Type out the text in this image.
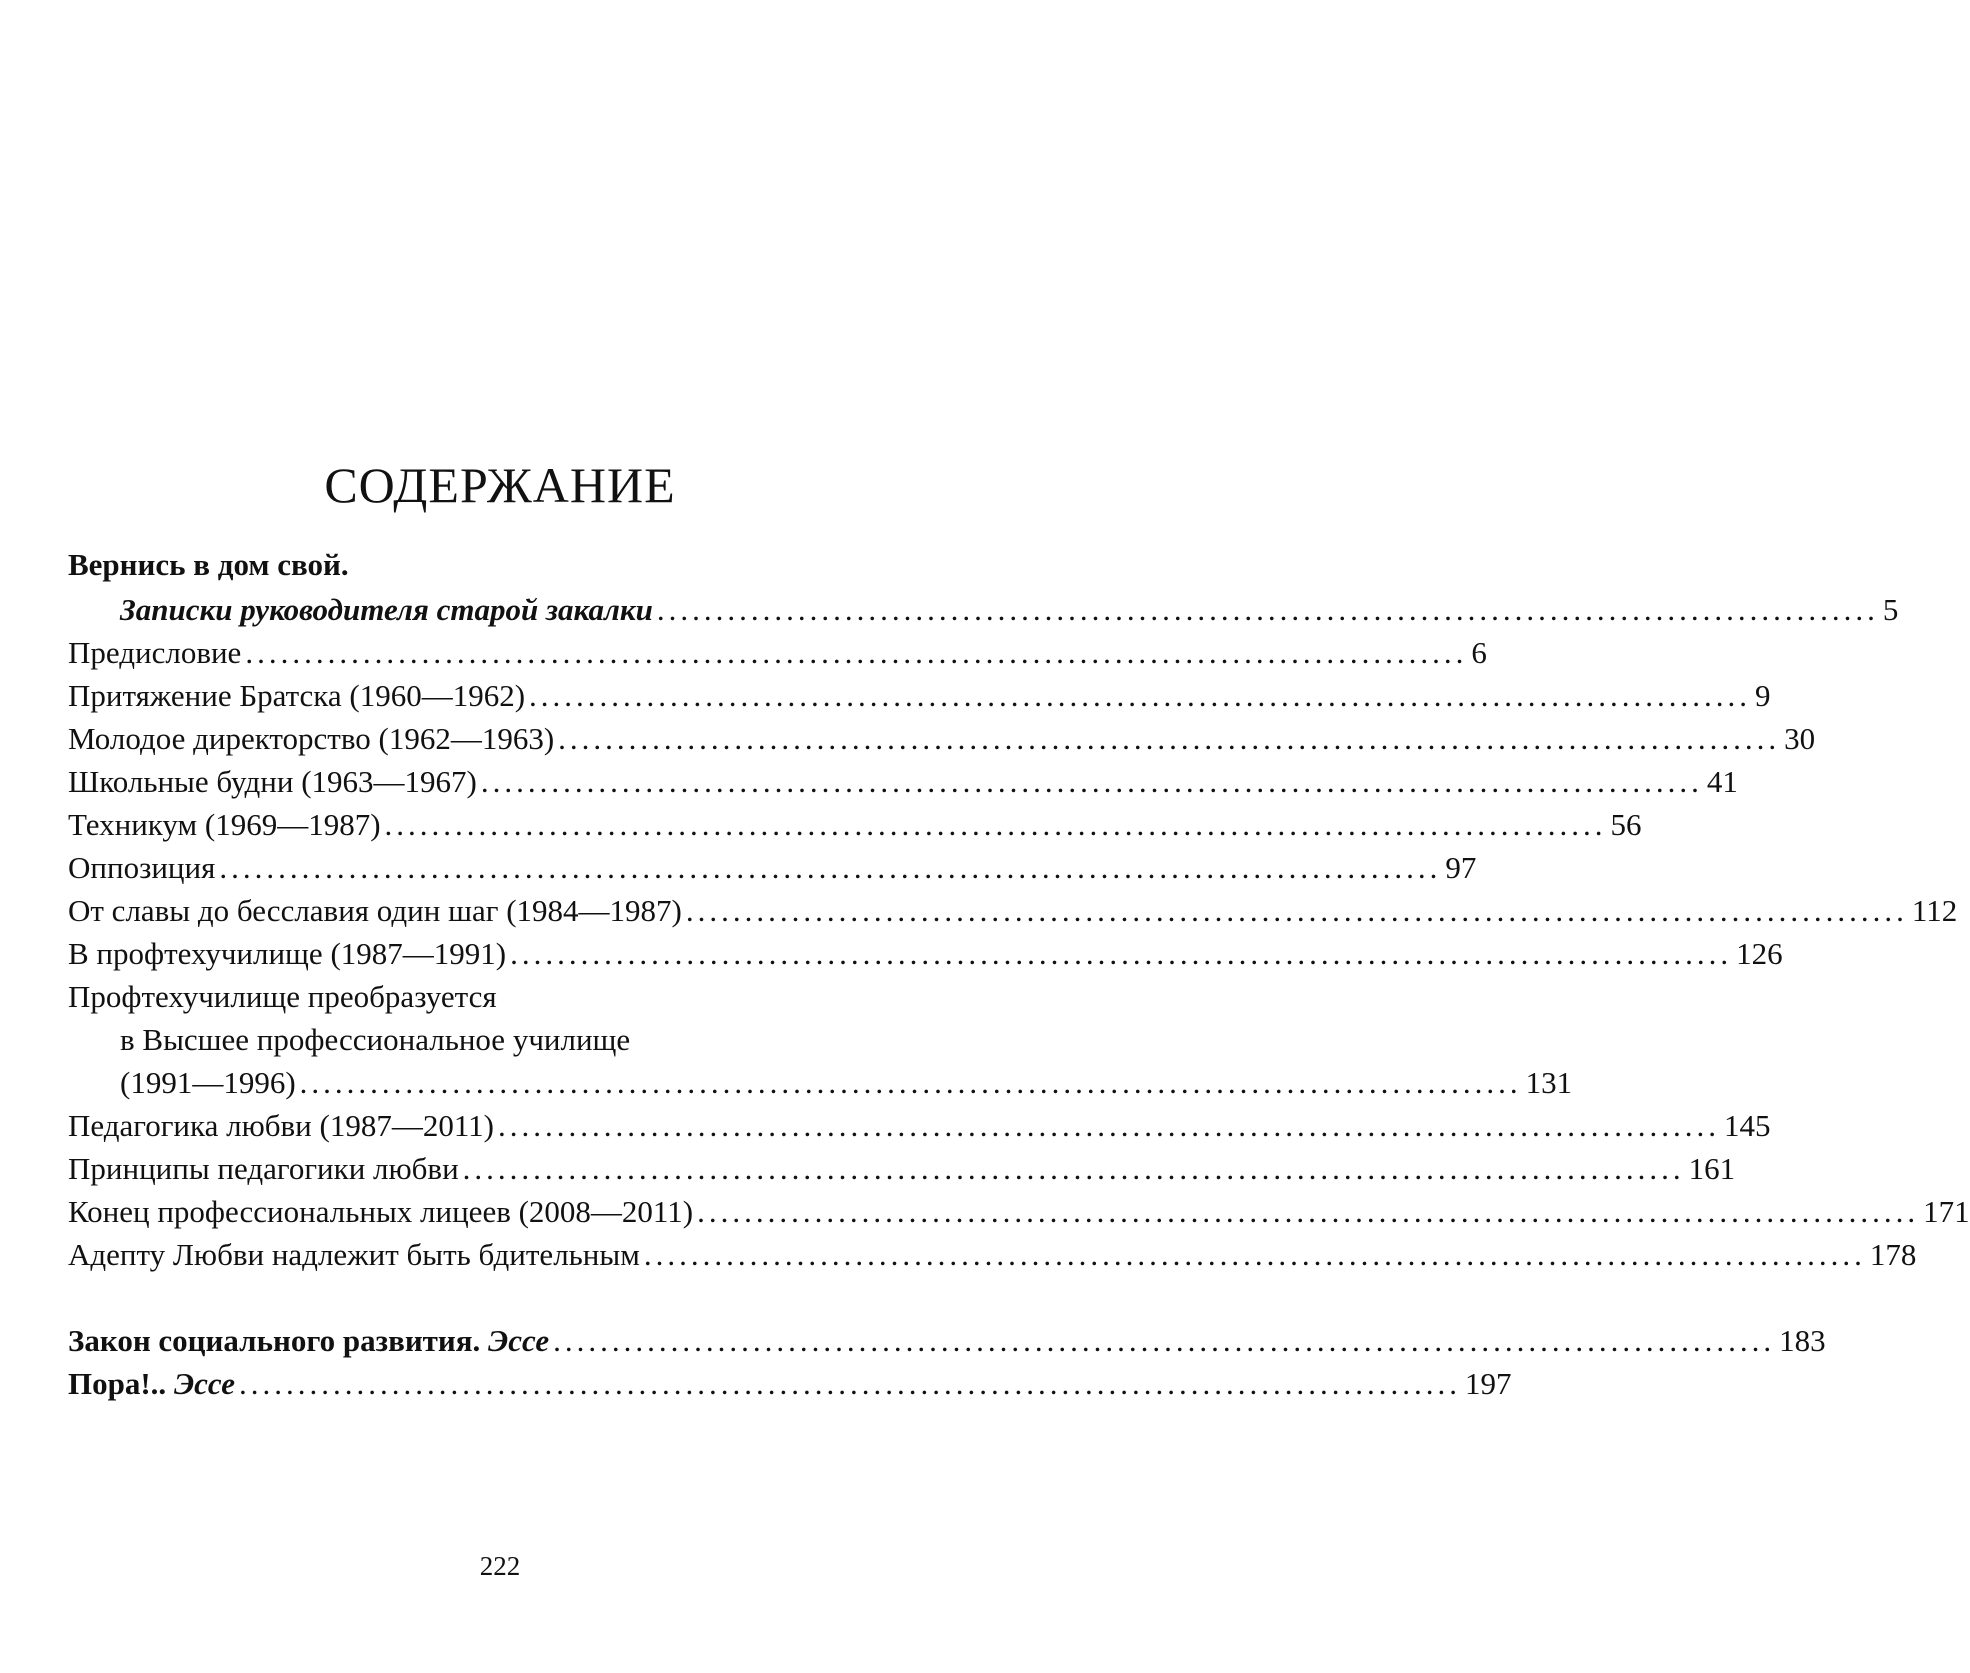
СОДЕРЖАНИЕ
Вернись в дом свой.
Записки руководителя старой закалки ........................................................................................................ 5
Предисловие ........................................................................................................ 6
Притяжение Братска (1960—1962) ........................................................................................................ 9
Молодое директорство (1962—1963) ........................................................................................................ 30
Школьные будни (1963—1967) ........................................................................................................ 41
Техникум (1969—1987) ........................................................................................................ 56
Оппозиция ........................................................................................................ 97
От славы до бесславия один шаг (1984—1987) ........................................................................................................ 112
В профтехучилище (1987—1991) ........................................................................................................ 126
Профтехучилище преобразуется
в Высшее профессиональное училище
(1991—1996) ........................................................................................................ 131
Педагогика любви (1987—2011) ........................................................................................................ 145
Принципы педагогики любви ........................................................................................................ 161
Конец профессиональных лицеев (2008—2011) ........................................................................................................ 171
Адепту Любви надлежит быть бдительным ........................................................................................................ 178
Закон социального развития. Эссе ........................................................................................................ 183
Пора!.. Эссе ........................................................................................................ 197
222
